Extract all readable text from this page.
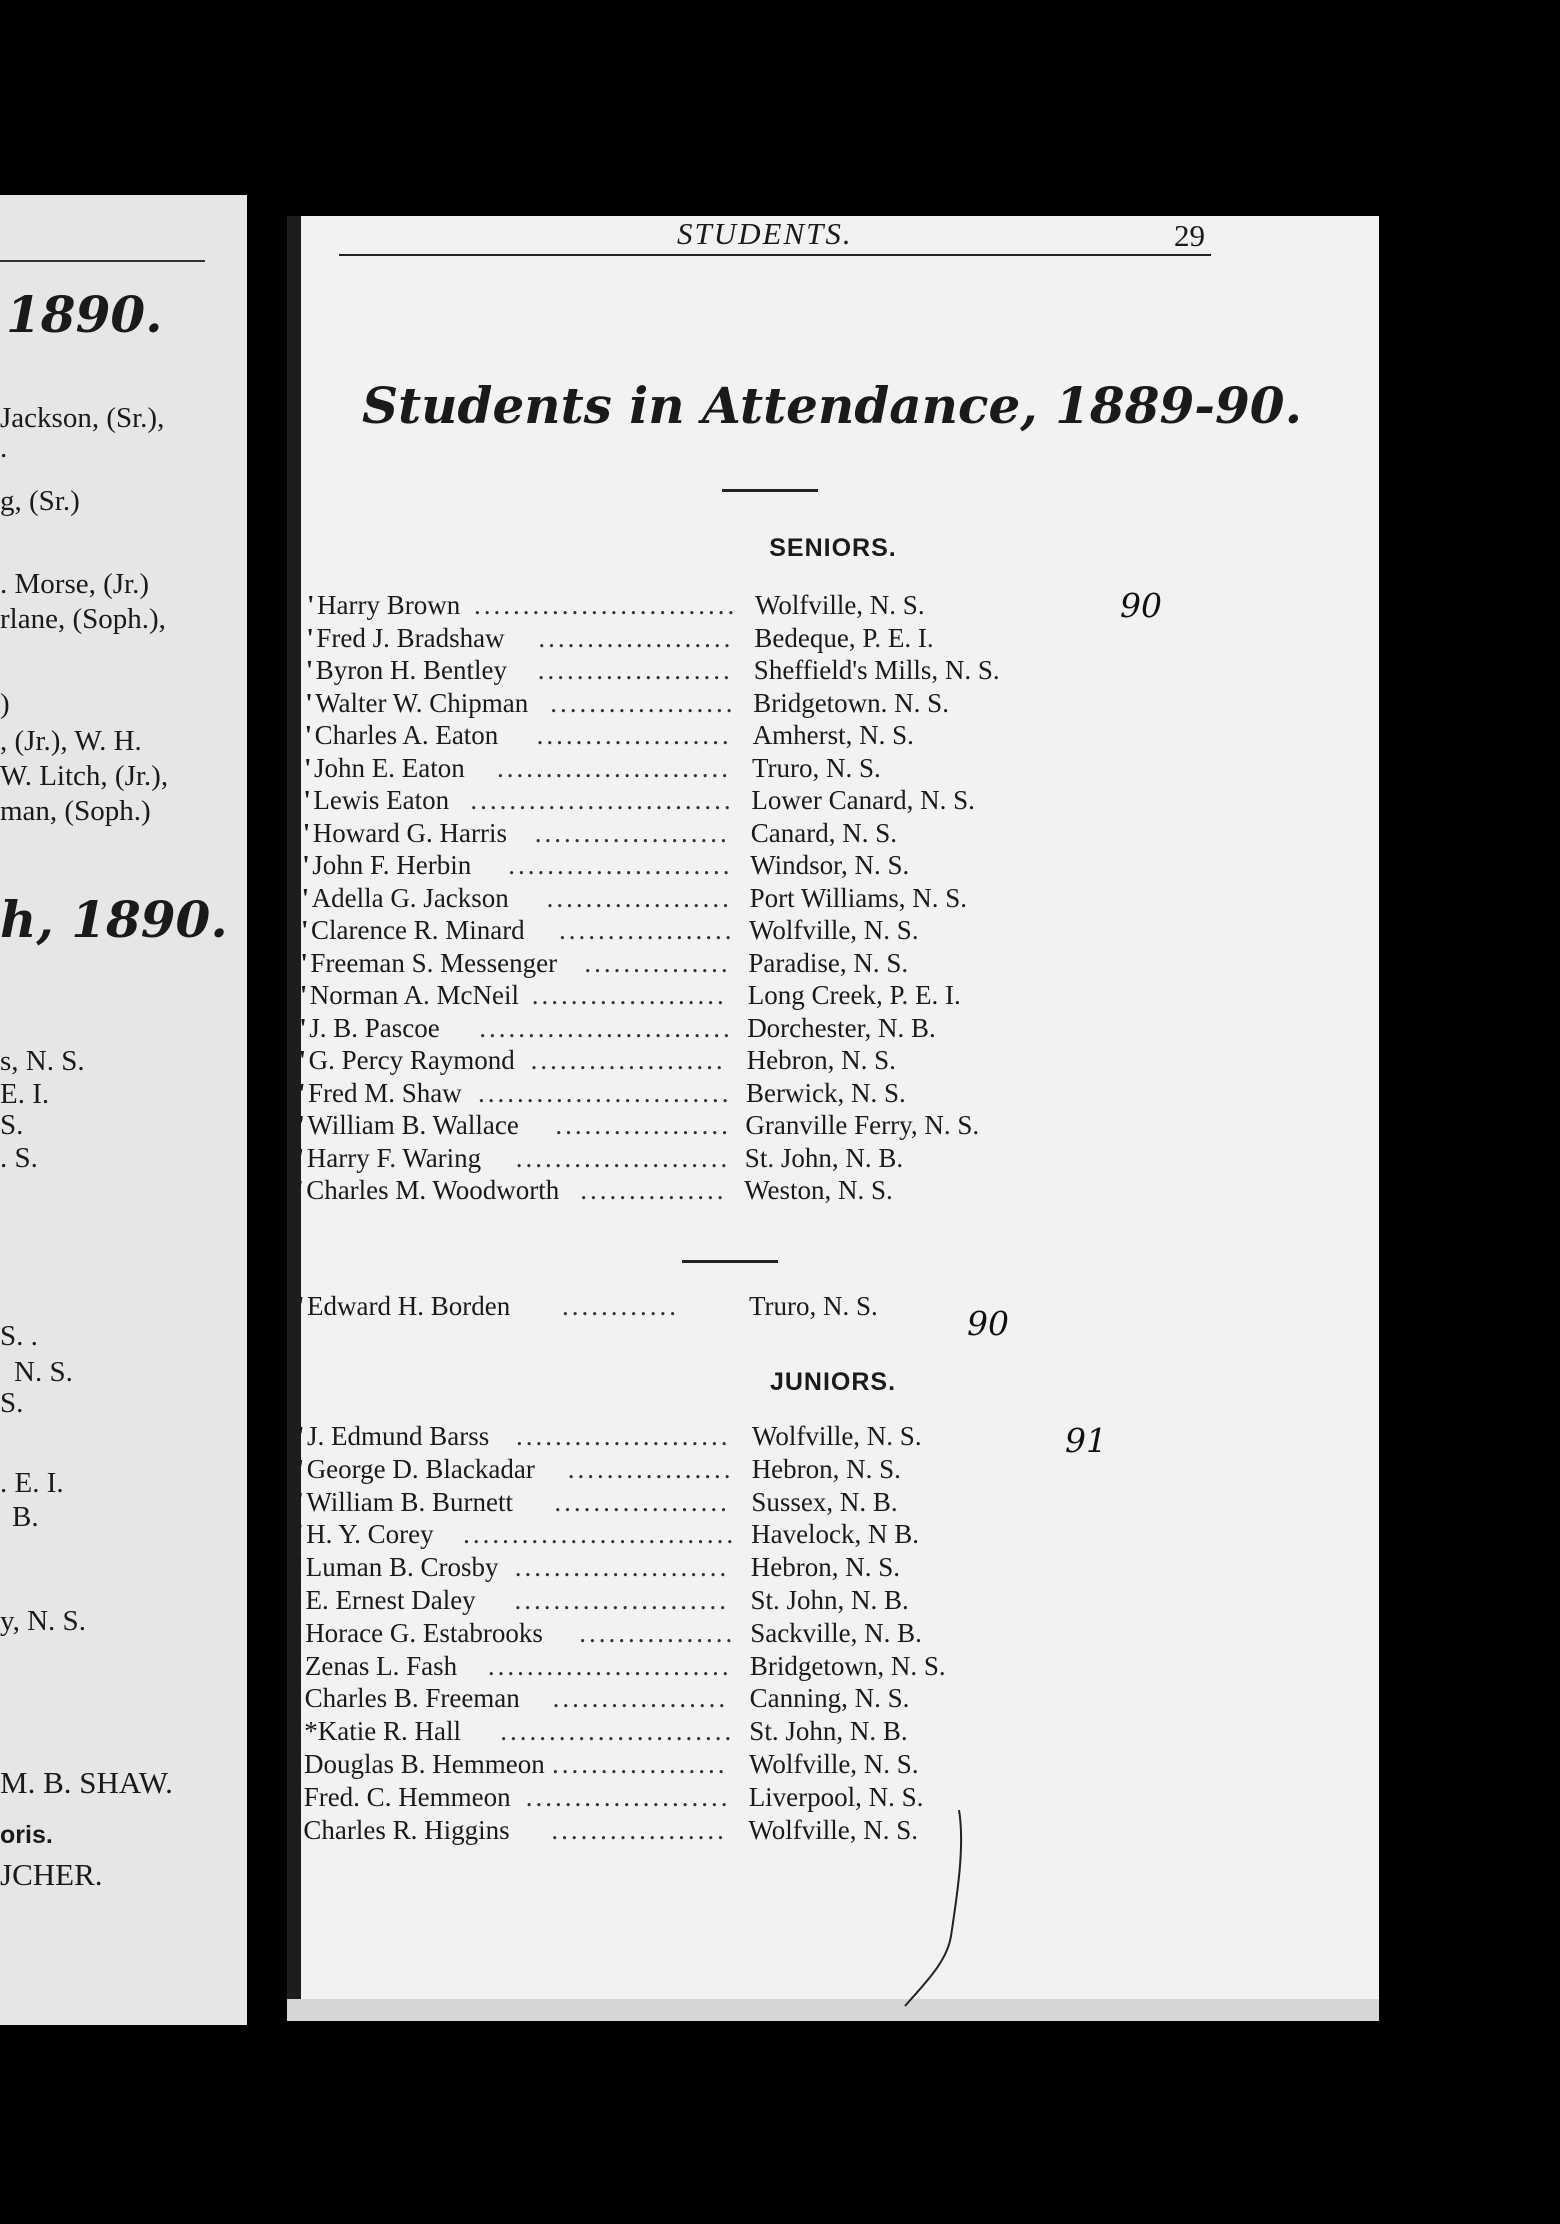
1890.
Jackson, (Sr.),
.
g, (Sr.)
. Morse, (Jr.)
rlane, (Soph.),
)
, (Jr.), W. H.
W. Litch, (Jr.),
man, (Soph.)
h, 1890.
s, N. S.
E. I.
S.
. S.
S. .
N. S.
S.
. E. I.
B.
y, N. S.
M. B. SHAW.
oris.
JCHER.
STUDENTS.	29
Students in Attendance, 1889-90.
SENIORS.
' Harry Brown ........................... Wolfville, N. S.
' Fred J. Bradshaw .................... Bedeque, P. E. I.
' Byron H. Bentley .................... Sheffield's Mills, N. S.
' Walter W. Chipman ................... Bridgetown. N. S.
' Charles A. Eaton .................... Amherst, N. S.
' John E. Eaton ........................ Truro, N. S.
' Lewis Eaton ........................... Lower Canard, N. S.
' Howard G. Harris .................... Canard, N. S.
' John F. Herbin ....................... Windsor, N. S.
' Adella G. Jackson ................... Port Williams, N. S.
' Clarence R. Minard .................. Wolfville, N. S.
' Freeman S. Messenger ............... Paradise, N. S.
' Norman A. McNeil .................... Long Creek, P. E. I.
' J. B. Pascoe .......................... Dorchester, N. B.
' G. Percy Raymond .................... Hebron, N. S.
' Fred M. Shaw .......................... Berwick, N. S.
' William B. Wallace .................. Granville Ferry, N. S.
' Harry F. Waring ...................... St. John, N. B.
' Charles M. Woodworth ............... Weston, N. S.
' Edward H. Borden ............	Truro, N. S.
JUNIORS.
' J. Edmund Barss ...................... Wolfville, N. S.
' George D. Blackadar ................. Hebron, N. S.
' William B. Burnett .................. Sussex, N. B.
' H. Y. Corey ............................ Havelock, N B.
' Luman B. Crosby ...................... Hebron, N. S.
' E. Ernest Daley ...................... St. John, N. B.
' Horace G. Estabrooks ................ Sackville, N. B.
' Zenas L. Fash ......................... Bridgetown, N. S.
' Charles B. Freeman .................. Canning, N. S.
' *Katie R. Hall ........................ St. John, N. B.
' Douglas B. Hemmeon .................. Wolfville, N. S.
' Fred. C. Hemmeon ..................... Liverpool, N. S.
' Charles R. Higgins .................. Wolfville, N. S.
90
90
91
